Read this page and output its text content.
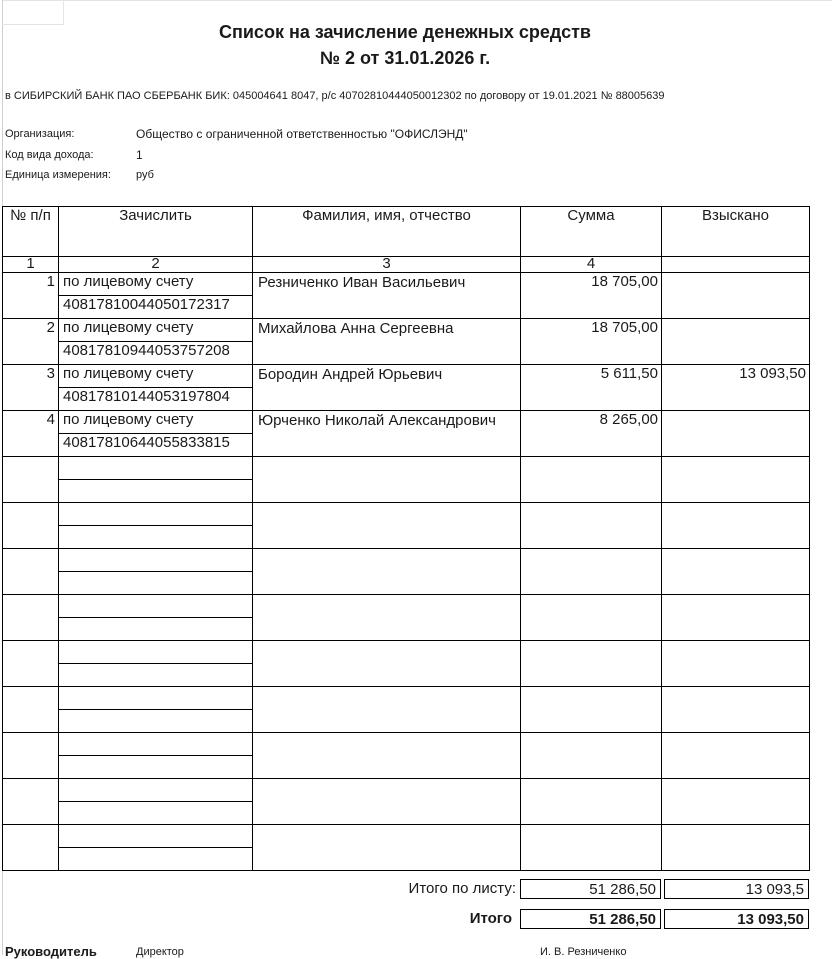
Список на зачисление денежных средств
№ 2 от 31.01.2026 г.
в СИБИРСКИЙ БАНК ПАО СБЕРБАНК БИК: 045004641 8047, р/с 40702810444050012302 по договору от 19.01.2021 № 88005639
Организация:	Общество с ограниченной ответственностью "ОФИСЛЭНД"
Код вида дохода:	1
Единица измерения: руб
№ п/п	Зачислить	Фамилия, имя, отчество	Сумма	Взыскано
1	2	3	4	
1	по лицевому счету	Резниченко Иван Васильевич	18 705,00	
	40817810044050172317			
2	по лицевому счету	Михайлова Анна Сергеевна	18 705,00	
	40817810944053757208			
3	по лицевому счету	Бородин Андрей Юрьевич	5 611,50	13 093,50
	40817810144053197804			
4	по лицевому счету	Юрченко Николай Александрович	8 265,00	
	40817810644055833815			

Итого по листу:	51 286,50	13 093,5
Итого	51 286,50	13 093,50
Руководитель	Директор	И. В. Резниченко
